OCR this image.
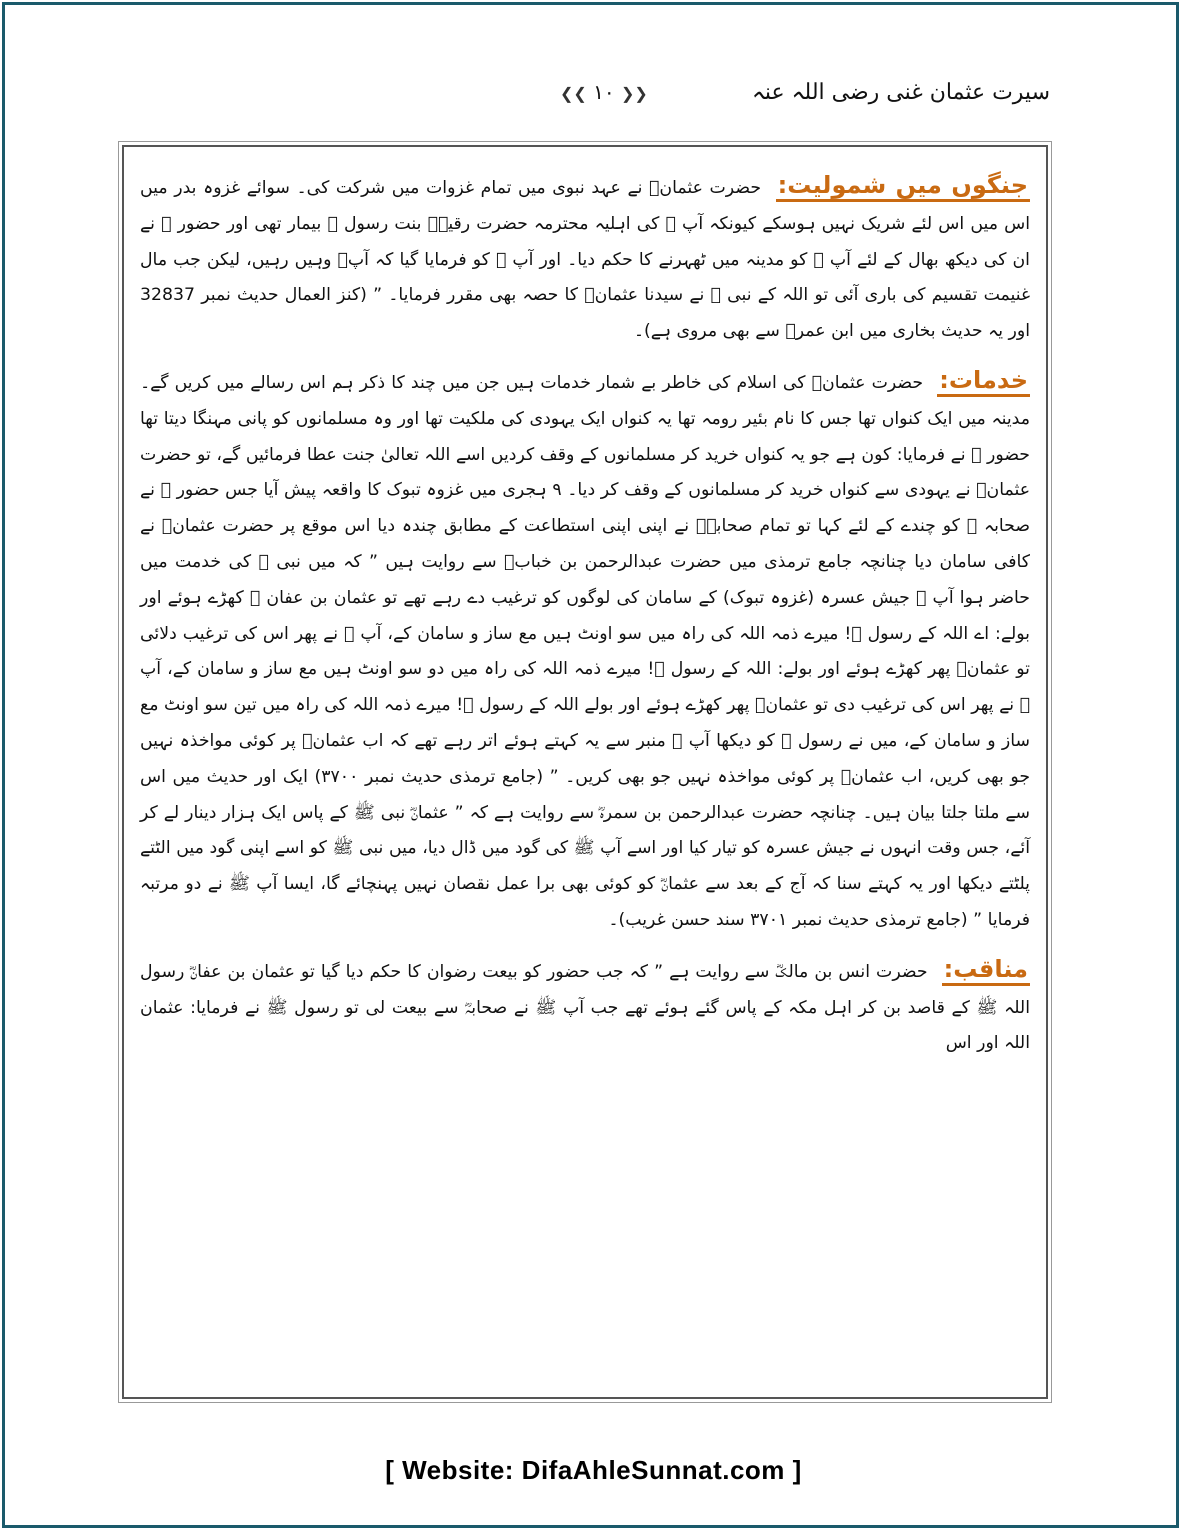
سیرت عثمان غنی رضی اللہ عنہ
❮❮ ۱۰ ❯❯
جنگوں میں شمولیت:

حضرت عثمانؓ نے عہد نبوی میں تمام غزوات میں شرکت کی۔ سوائے غزوہ بدر میں اس میں اس لئے شریک نہیں ہوسکے کیونکہ آپ ؓ کی اہلیہ محترمہ حضرت رقیہؓ بنت رسول ﷺ بیمار تھی اور حضور ﷺ نے ان کی دیکھ بھال کے لئے آپ ؓ کو مدینہ میں ٹھہرنے کا حکم دیا۔ اور آپ ؓ کو فرمایا گیا کہ آپؓ وہیں رہیں، لیکن جب مال غنیمت تقسیم کی باری آئی تو اللہ کے نبی ﷺ نے سیدنا عثمانؓ کا حصہ بھی مقرر فرمایا۔ ” (کنز العمال حدیث نمبر 32837 اور یہ حدیث بخاری میں ابن عمرؓ سے بھی مروی ہے)۔

خدمات:

حضرت عثمانؓ کی اسلام کی خاطر بے شمار خدمات ہیں جن میں چند کا ذکر ہم اس رسالے میں کریں گے۔ مدینہ میں ایک کنواں تھا جس کا نام بئیر رومہ تھا یہ کنواں ایک یہودی کی ملکیت تھا اور وہ مسلمانوں کو پانی مہنگا دیتا تھا حضور ﷺ نے فرمایا: کون ہے جو یہ کنواں خرید کر مسلمانوں کے وقف کردیں اسے اللہ تعالیٰ جنت عطا فرمائیں گے، تو حضرت عثمانؓ نے یہودی سے کنواں خرید کر مسلمانوں کے وقف کر دیا۔ ۹ ہجری میں غزوہ تبوک کا واقعہ پیش آیا جس حضور ﷺ نے صحابہ ؓ کو چندے کے لئے کہا تو تمام صحابہؓ نے اپنی اپنی استطاعت کے مطابق چندہ دیا اس موقع پر حضرت عثمانؓ نے کافی سامان دیا چنانچہ جامع ترمذی میں حضرت عبدالرحمن بن خبابؓ سے روایت ہیں ” کہ میں نبی ﷺ کی خدمت میں حاضر ہوا آپ ﷺ جیش عسرہ (غزوہ تبوک) کے سامان کی لوگوں کو ترغیب دے رہے تھے تو عثمان بن عفان ؓ کھڑے ہوئے اور بولے: اے اللہ کے رسول ﷺ! میرے ذمہ اللہ کی راہ میں سو اونٹ ہیں مع ساز و سامان کے، آپ ﷺ نے پھر اس کی ترغیب دلائی تو عثمانؓ پھر کھڑے ہوئے اور بولے: اللہ کے رسول ﷺ! میرے ذمہ اللہ کی راہ میں دو سو اونٹ ہیں مع ساز و سامان کے، آپ ﷺ نے پھر اس کی ترغیب دی تو عثمانؓ پھر کھڑے ہوئے اور بولے اللہ کے رسول ﷺ! میرے ذمہ اللہ کی راہ میں تین سو اونٹ مع ساز و سامان کے، میں نے رسول ﷺ کو دیکھا آپ ﷺ منبر سے یہ کہتے ہوئے اتر رہے تھے کہ اب عثمانؓ پر کوئی مواخذہ نہیں جو بھی کریں، اب عثمانؓ پر کوئی مواخذہ نہیں جو بھی کریں۔ ” (جامع ترمذی حدیث نمبر ۳۷۰۰) ایک اور حدیث میں اس سے ملتا جلتا بیان ہیں۔ چنانچہ حضرت عبدالرحمن بن سمرہؓ سے روایت ہے کہ ” عثمانؓ نبی ﷺ کے پاس ایک ہزار دینار لے کر آئے، جس وقت انہوں نے جیش عسرہ کو تیار کیا اور اسے آپ ﷺ کی گود میں ڈال دیا، میں نبی ﷺ کو اسے اپنی گود میں الٹتے پلٹتے دیکھا اور یہ کہتے سنا کہ آج کے بعد سے عثمانؓ کو کوئی بھی برا عمل نقصان نہیں پہنچائے گا، ایسا آپ ﷺ نے دو مرتبہ فرمایا ” (جامع ترمذی حدیث نمبر ۳۷۰۱ سند حسن غریب)۔

مناقب:

حضرت انس بن مالکؓ سے روایت ہے ” کہ جب حضور کو بیعت رضوان کا حکم دیا گیا تو عثمان بن عفانؓ رسول اللہ ﷺ کے قاصد بن کر اہل مکہ کے پاس گئے ہوئے تھے جب آپ ﷺ نے صحابہؓ سے بیعت لی تو رسول ﷺ نے فرمایا: عثمان اللہ اور اس

[ Website: DifaAhleSunnat.com ]
